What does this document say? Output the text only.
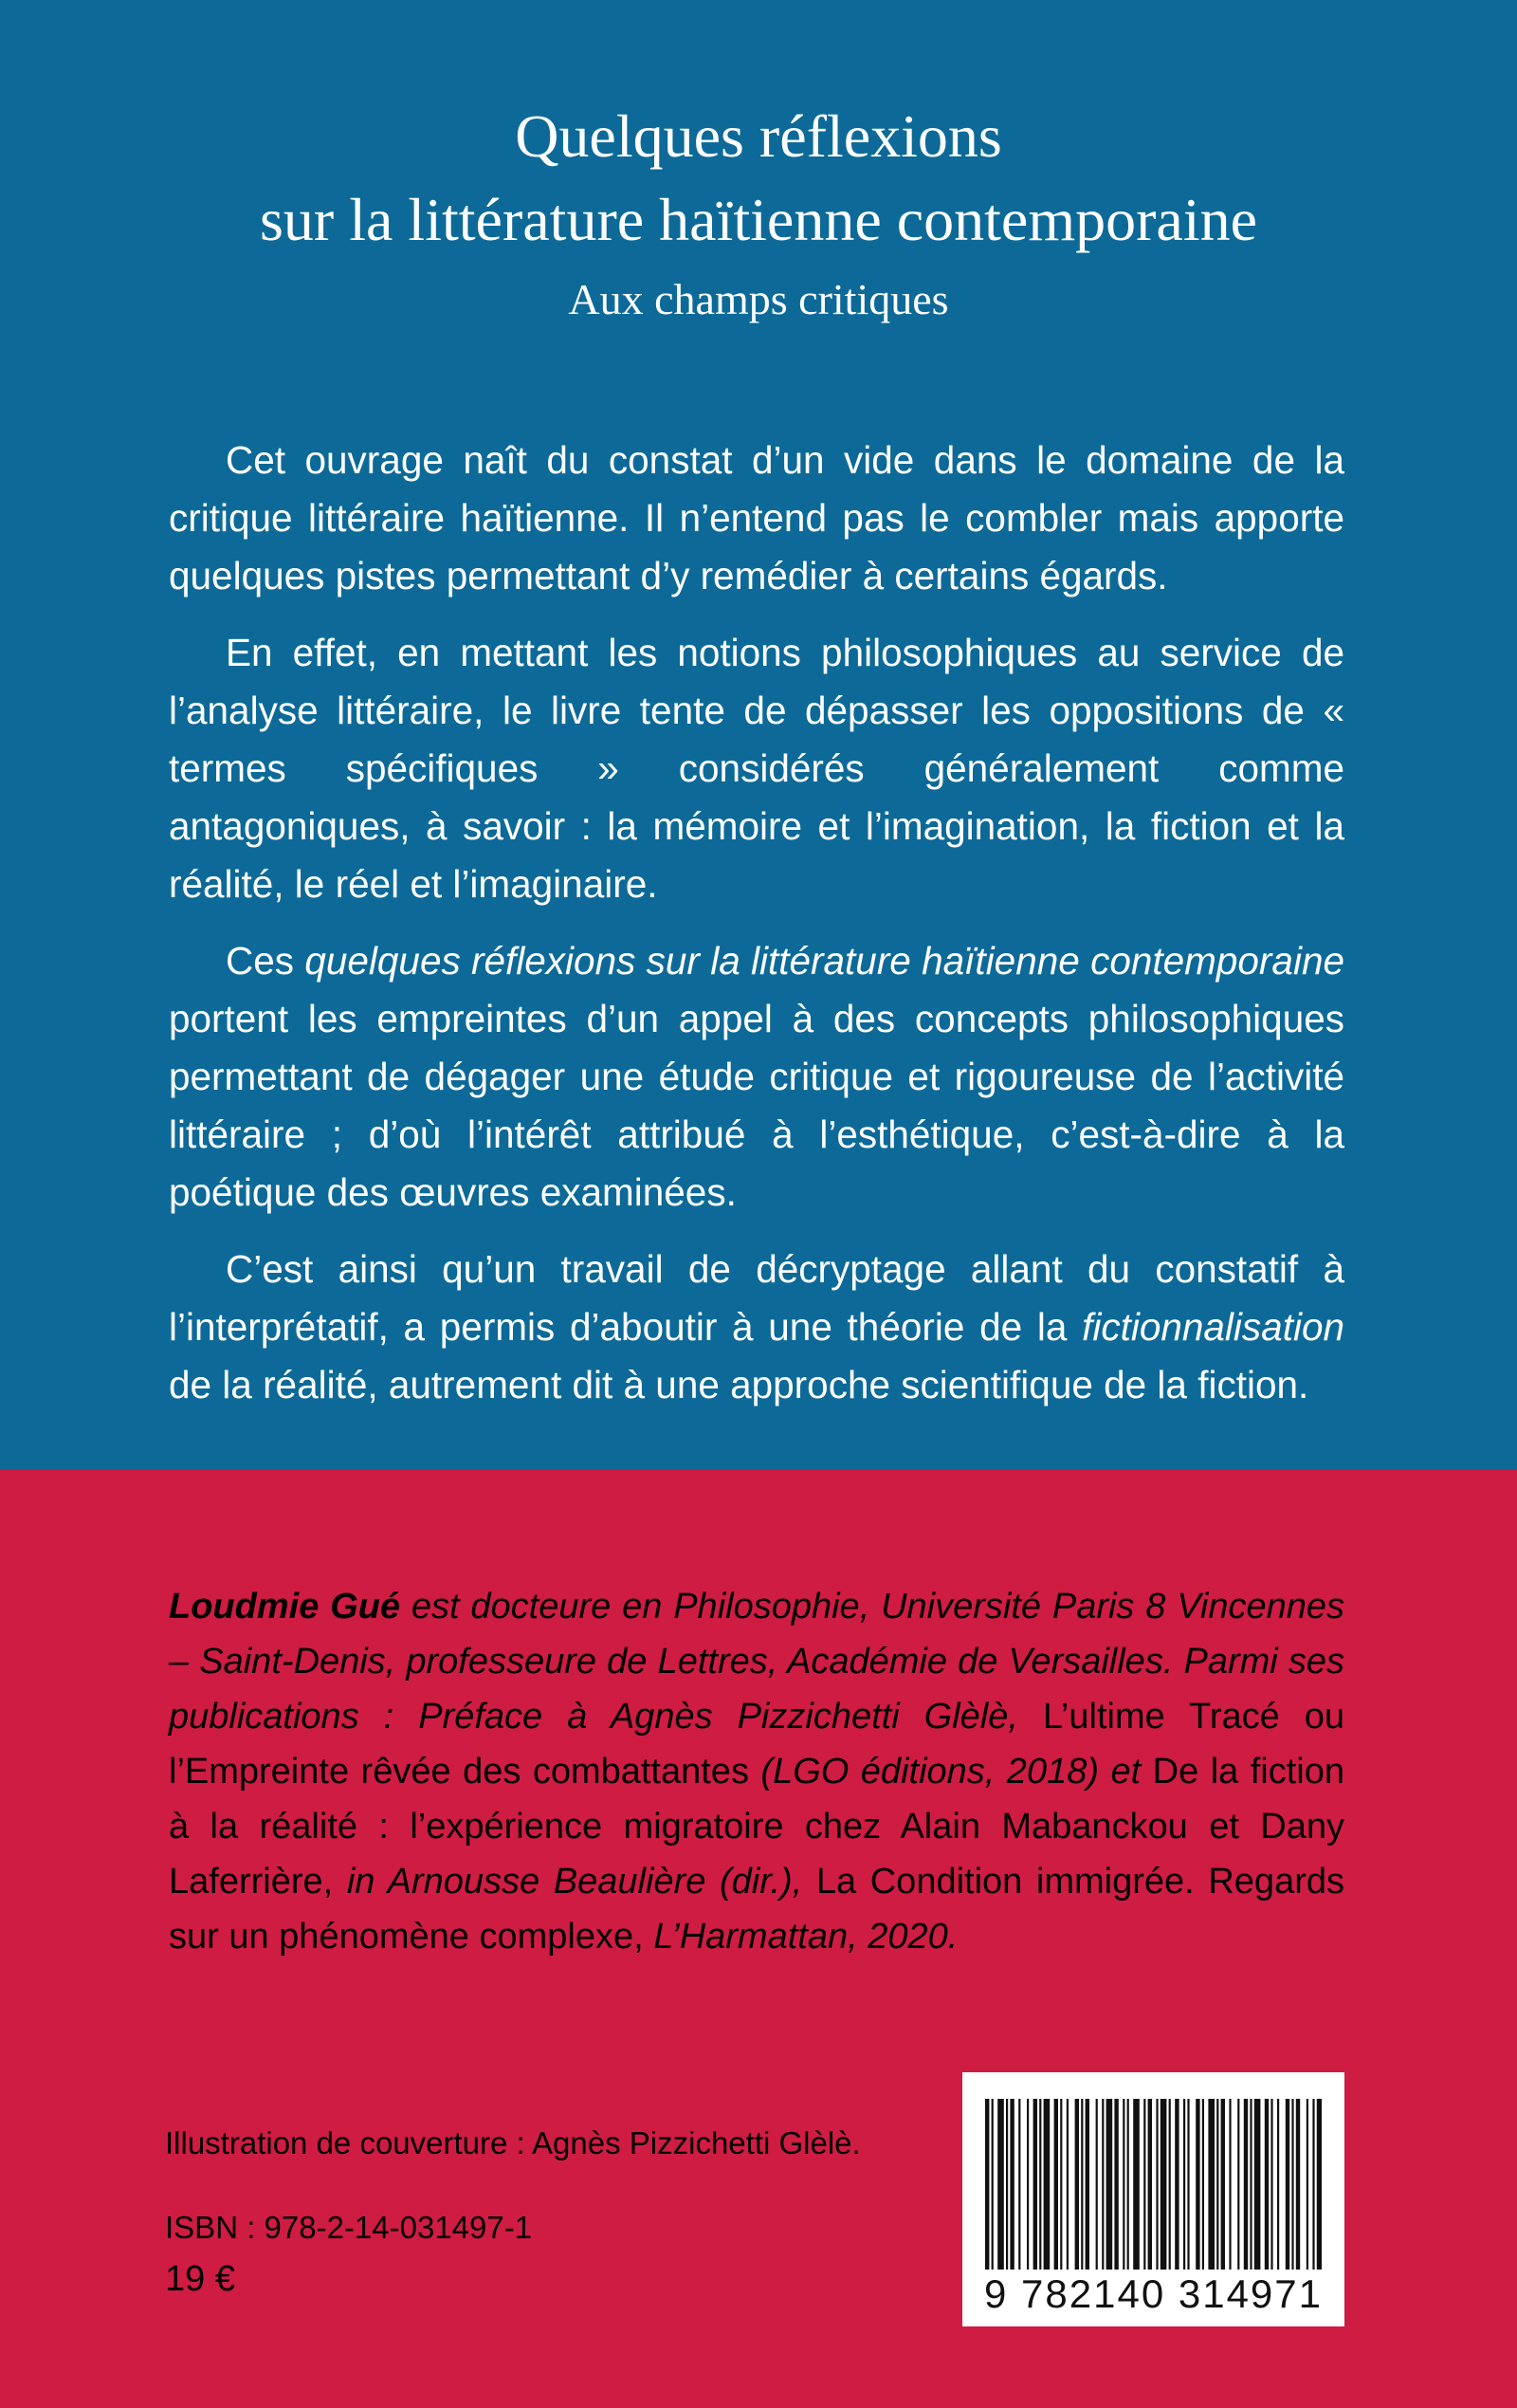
Quelques réflexions
sur la littérature haïtienne contemporaine
Aux champs critiques

Cet ouvrage naît du constat d’un vide dans le domaine de la critique littéraire haïtienne. Il n’entend pas le combler mais apporte quelques pistes permettant d’y remédier à certains égards.

En effet, en mettant les notions philosophiques au service de l’analyse littéraire, le livre tente de dépasser les oppositions de « termes spécifiques » considérés généralement comme antagoniques, à savoir : la mémoire et l’imagination, la fiction et la réalité, le réel et l’imaginaire.

Ces quelques réflexions sur la littérature haïtienne contemporaine portent les empreintes d’un appel à des concepts philosophiques permettant de dégager une étude critique et rigoureuse de l’activité littéraire ; d’où l’intérêt attribué à l’esthétique, c’est-à-dire à la poétique des œuvres examinées.

C’est ainsi qu’un travail de décryptage allant du constatif à l’interprétatif, a permis d’aboutir à une théorie de la fictionnalisation de la réalité, autrement dit à une approche scientifique de la fiction.

Loudmie Gué est docteure en Philosophie, Université Paris 8 Vincennes – Saint-Denis, professeure de Lettres, Académie de Versailles. Parmi ses publications : Préface à Agnès Pizzichetti Glèlè, L’ultime Tracé ou l’Empreinte rêvée des combattantes (LGO éditions, 2018) et De la fiction à la réalité : l’expérience migratoire chez Alain Mabanckou et Dany Laferrière, in Arnousse Beaulière (dir.), La Condition immigrée. Regards sur un phénomène complexe, L’Harmattan, 2020.

Illustration de couverture : Agnès Pizzichetti Glèlè.
ISBN : 978-2-14-031497-1
19 €	9 782140 314971
